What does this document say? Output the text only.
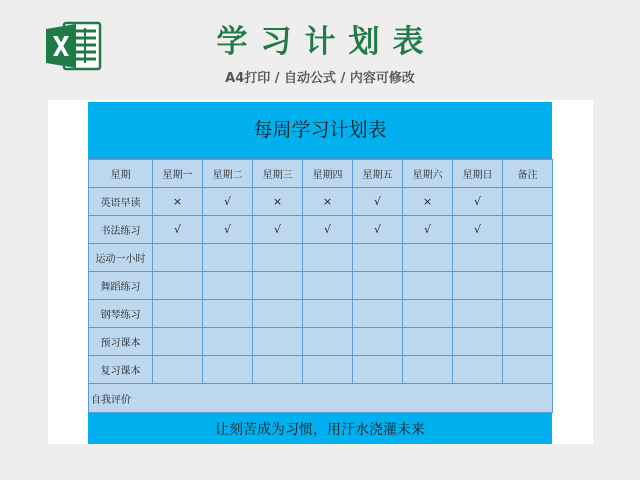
学习计划表
A4打印 / 自动公式 / 内容可修改
每周学习计划表
星期	星期一	星期二	星期三	星期四	星期五	星期六	星期日	备注
英语早读	×	√	×	×	√	×	√	
书法练习	√	√	√	√	√	√	√	
运动一小时								
舞蹈练习								
钢琴练习								
预习课本								
复习课本								
自我评价								
让刻苦成为习惯，用汗水浇灌未来
